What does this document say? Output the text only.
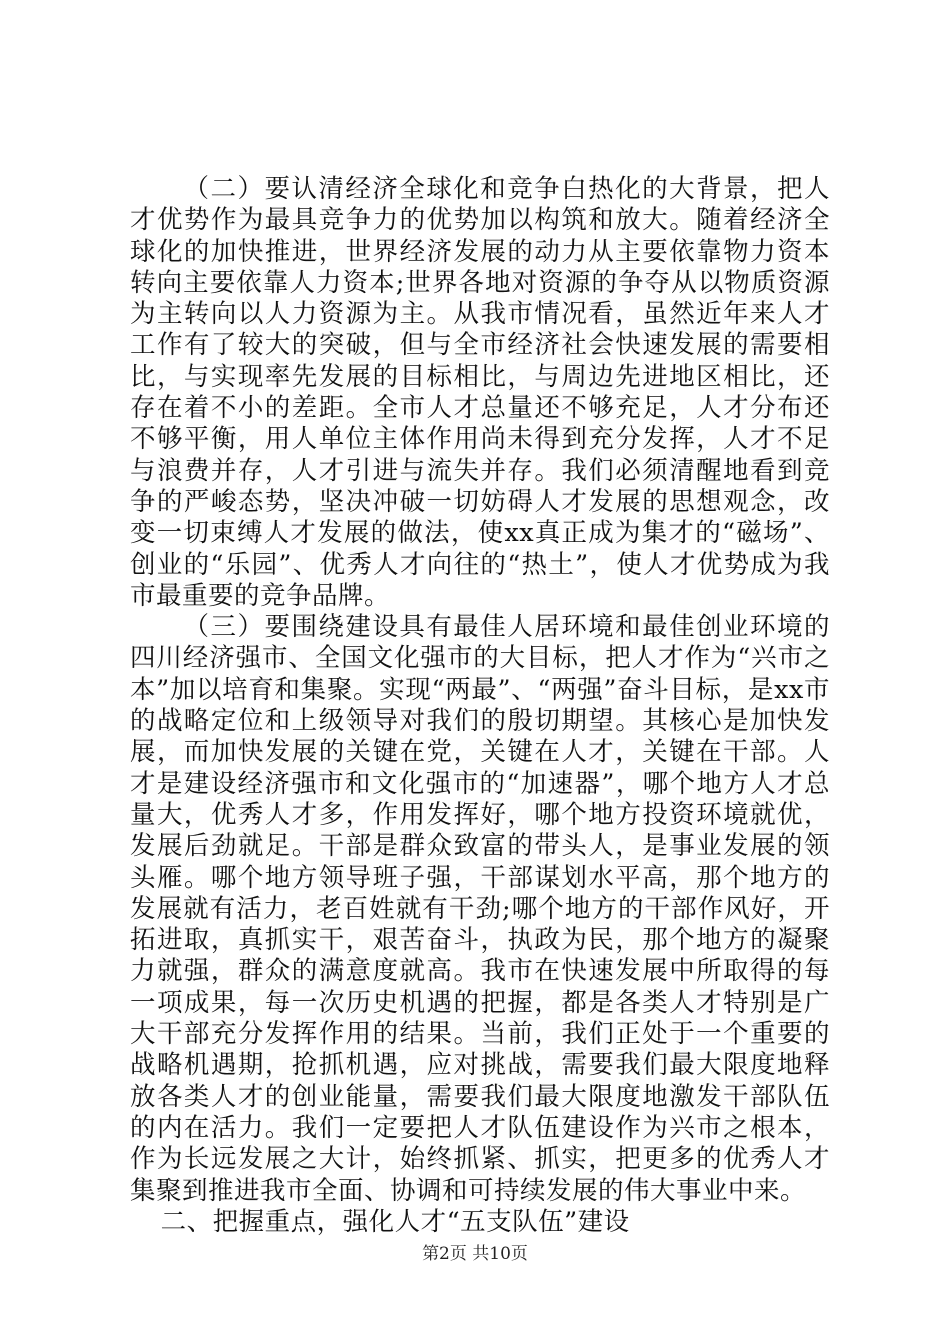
（二）要认清经济全球化和竞争白热化的大背景，把人才优势作为最具竞争力的优势加以构筑和放大。随着经济全球化的加快推进，世界经济发展的动力从主要依靠物力资本转向主要依靠人力资本;世界各地对资源的争夺从以物质资源为主转向以人力资源为主。从我市情况看，虽然近年来人才工作有了较大的突破，但与全市经济社会快速发展的需要相比，与实现率先发展的目标相比，与周边先进地区相比，还存在着不小的差距。全市人才总量还不够充足，人才分布还不够平衡，用人单位主体作用尚未得到充分发挥，人才不足与浪费并存，人才引进与流失并存。我们必须清醒地看到竞争的严峻态势，坚决冲破一切妨碍人才发展的思想观念，改变一切束缚人才发展的做法，使xx真正成为集才的“磁场”、创业的“乐园”、优秀人才向往的“热土”，使人才优势成为我市最重要的竞争品牌。

（三）要围绕建设具有最佳人居环境和最佳创业环境的四川经济强市、全国文化强市的大目标，把人才作为“兴市之本”加以培育和集聚。实现“两最”、“两强”奋斗目标，是xx市的战略定位和上级领导对我们的殷切期望。其核心是加快发展，而加快发展的关键在党，关键在人才，关键在干部。人才是建设经济强市和文化强市的“加速器”，哪个地方人才总量大，优秀人才多，作用发挥好，哪个地方投资环境就优，发展后劲就足。干部是群众致富的带头人，是事业发展的领头雁。哪个地方领导班子强，干部谋划水平高，那个地方的发展就有活力，老百姓就有干劲;哪个地方的干部作风好，开拓进取，真抓实干，艰苦奋斗，执政为民，那个地方的凝聚力就强，群众的满意度就高。我市在快速发展中所取得的每一项成果，每一次历史机遇的把握，都是各类人才特别是广大干部充分发挥作用的结果。当前，我们正处于一个重要的战略机遇期，抢抓机遇，应对挑战，需要我们最大限度地释放各类人才的创业能量，需要我们最大限度地激发干部队伍的内在活力。我们一定要把人才队伍建设作为兴市之根本，作为长远发展之大计，始终抓紧、抓实，把更多的优秀人才集聚到推进我市全面、协调和可持续发展的伟大事业中来。

二、把握重点，强化人才“五支队伍”建设

第2页 共10页
